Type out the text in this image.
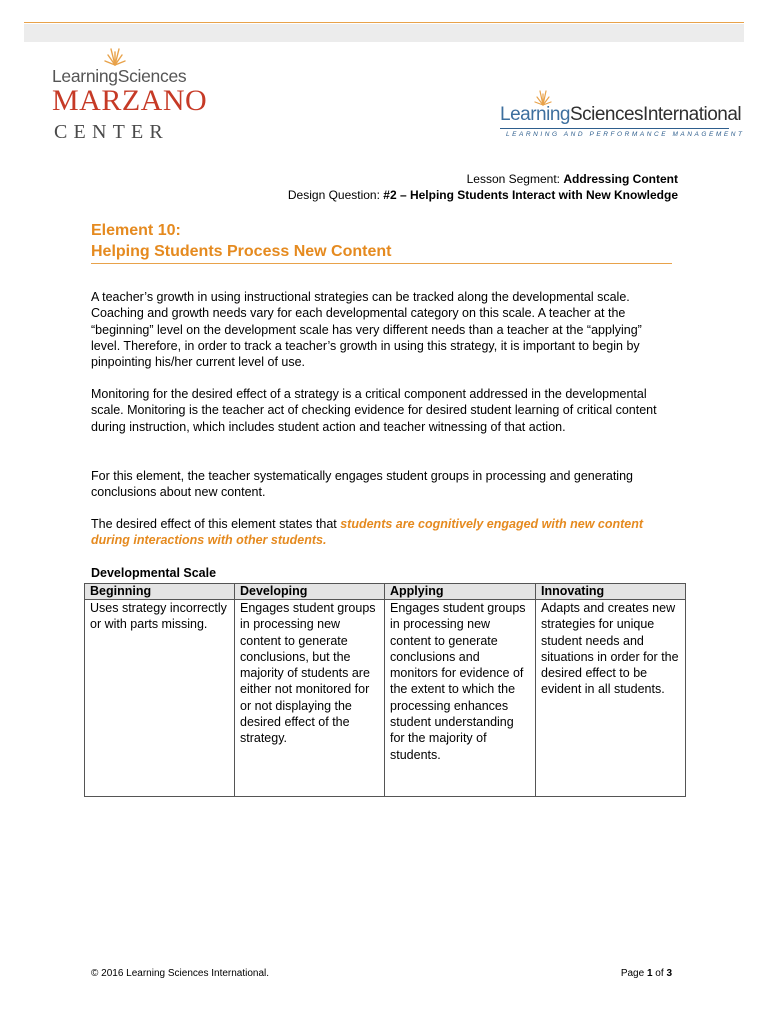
LearningSciences
MARZANO
CENTER
LearningSciencesInternational
LEARNING AND PERFORMANCE MANAGEMENT
Lesson Segment: Addressing Content
Design Question: #2 – Helping Students Interact with New Knowledge
Element 10:
Helping Students Process New Content

A teacher’s growth in using instructional strategies can be tracked along the developmental scale. Coaching and growth needs vary for each developmental category on this scale. A teacher at the “beginning” level on the development scale has very different needs than a teacher at the “applying” level. Therefore, in order to track a teacher’s growth in using this strategy, it is important to begin by pinpointing his/her current level of use.

Monitoring for the desired effect of a strategy is a critical component addressed in the developmental scale. Monitoring is the teacher act of checking evidence for desired student learning of critical content during instruction, which includes student action and teacher witnessing of that action.

For this element, the teacher systematically engages student groups in processing and generating conclusions about new content.

The desired effect of this element states that students are cognitively engaged with new content during interactions with other students.

Developmental Scale
Beginning	Developing	Applying	Innovating
Uses strategy incorrectly or with parts missing.	Engages student groups in processing new content to generate conclusions, but the majority of students are either not monitored for or not displaying the desired effect of the strategy.	Engages student groups in processing new content to generate conclusions and monitors for evidence of the extent to which the processing enhances student understanding for the majority of students.	Adapts and creates new strategies for unique student needs and situations in order for the desired effect to be evident in all students.
© 2016 Learning Sciences International.	Page 1 of 3
